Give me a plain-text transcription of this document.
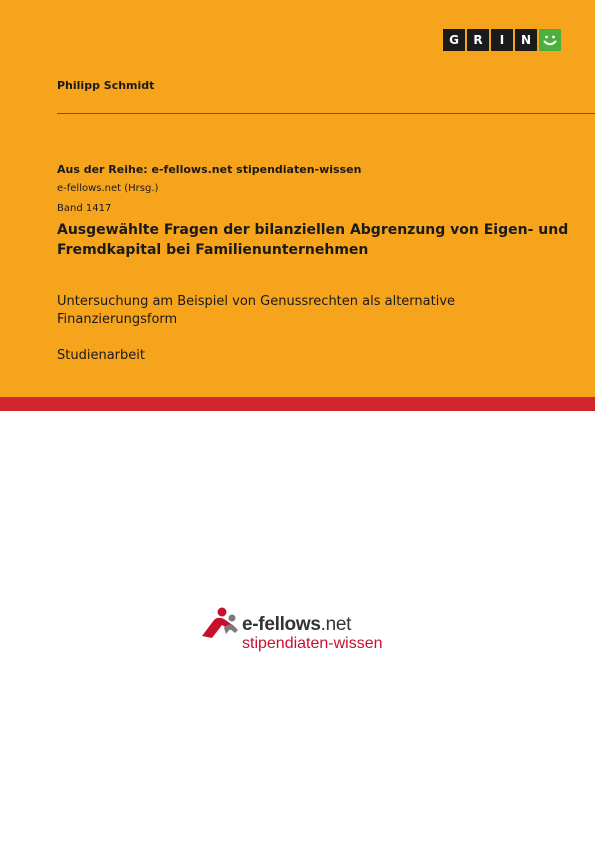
G	R	I	N

Philipp Schmidt

Aus der Reihe: e-fellows.net stipendiaten-wissen

e-fellows.net (Hrsg.)

Band 1417

Ausgewählte Fragen der bilanziellen Abgrenzung von Eigen- und Fremdkapital bei Familienunternehmen

Untersuchung am Beispiel von Genussrechten als alternative Finanzierungsform

Studienarbeit

e-fellows.net
stipendiaten-wissen
